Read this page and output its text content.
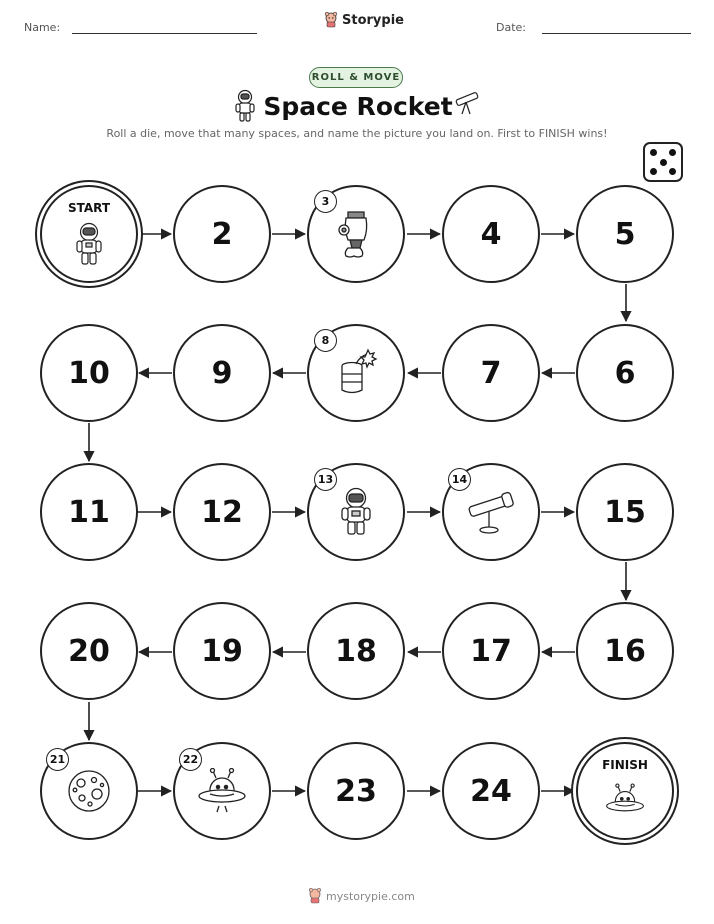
Name:	Storypie	Date:
ROLL & MOVE
Space Rocket
Roll a die, move that many spaces, and name the picture you land on. First to FINISH wins!
START
2
3
4	5
10	9
8
7	6
11	12
13	14
15
20	19	18	17	16
21	22
23	24
FINISH
mystorypie.com
